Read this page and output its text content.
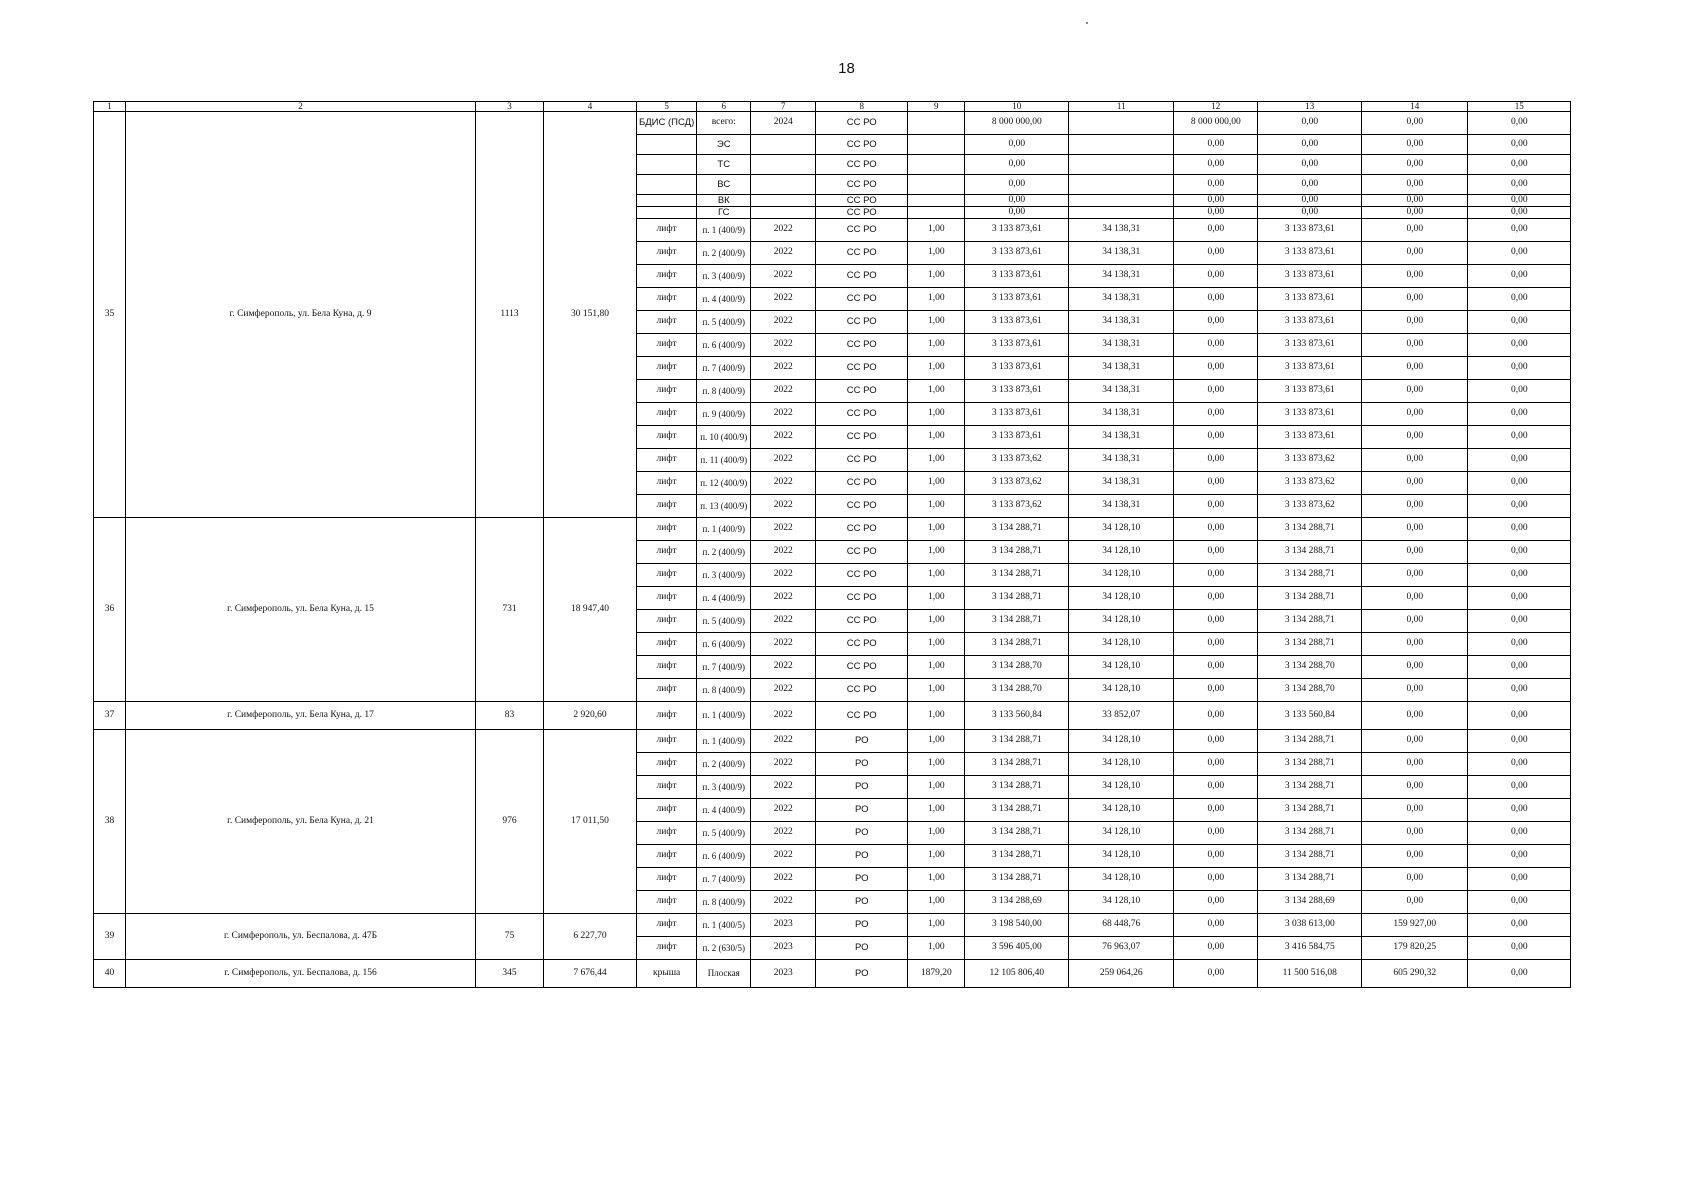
18
1	2	3	4	5	6	7	8	9	10	11	12	13	14	15
35	г. Симферополь, ул. Бела Куна, д. 9	1113	30 151,80	БДИС (ПСД)	всего:	2024	СС РО		8 000 000,00		8 000 000,00	0,00	0,00	0,00
					ЭС		СС РО		0,00		0,00	0,00	0,00	0,00
					ТС		СС РО		0,00		0,00	0,00	0,00	0,00
					ВС		СС РО		0,00		0,00	0,00	0,00	0,00
					ВК		СС РО		0,00		0,00	0,00	0,00	0,00
					ГС		СС РО		0,00		0,00	0,00	0,00	0,00
				лифт	п. 1 (400/9)	2022	СС РО	1,00	3 133 873,61	34 138,31	0,00	3 133 873,61	0,00	0,00
				лифт	п. 2 (400/9)	2022	СС РО	1,00	3 133 873,61	34 138,31	0,00	3 133 873,61	0,00	0,00
				лифт	п. 3 (400/9)	2022	СС РО	1,00	3 133 873,61	34 138,31	0,00	3 133 873,61	0,00	0,00
				лифт	п. 4 (400/9)	2022	СС РО	1,00	3 133 873,61	34 138,31	0,00	3 133 873,61	0,00	0,00
				лифт	п. 5 (400/9)	2022	СС РО	1,00	3 133 873,61	34 138,31	0,00	3 133 873,61	0,00	0,00
				лифт	п. 6 (400/9)	2022	СС РО	1,00	3 133 873,61	34 138,31	0,00	3 133 873,61	0,00	0,00
				лифт	п. 7 (400/9)	2022	СС РО	1,00	3 133 873,61	34 138,31	0,00	3 133 873,61	0,00	0,00
				лифт	п. 8 (400/9)	2022	СС РО	1,00	3 133 873,61	34 138,31	0,00	3 133 873,61	0,00	0,00
				лифт	п. 9 (400/9)	2022	СС РО	1,00	3 133 873,61	34 138,31	0,00	3 133 873,61	0,00	0,00
				лифт	п. 10 (400/9)	2022	СС РО	1,00	3 133 873,61	34 138,31	0,00	3 133 873,61	0,00	0,00
				лифт	п. 11 (400/9)	2022	СС РО	1,00	3 133 873,62	34 138,31	0,00	3 133 873,62	0,00	0,00
				лифт	п. 12 (400/9)	2022	СС РО	1,00	3 133 873,62	34 138,31	0,00	3 133 873,62	0,00	0,00
				лифт	п. 13 (400/9)	2022	СС РО	1,00	3 133 873,62	34 138,31	0,00	3 133 873,62	0,00	0,00
36	г. Симферополь, ул. Бела Куна, д. 15	731	18 947,40	лифт	п. 1 (400/9)	2022	СС РО	1,00	3 134 288,71	34 128,10	0,00	3 134 288,71	0,00	0,00
				лифт	п. 2 (400/9)	2022	СС РО	1,00	3 134 288,71	34 128,10	0,00	3 134 288,71	0,00	0,00
				лифт	п. 3 (400/9)	2022	СС РО	1,00	3 134 288,71	34 128,10	0,00	3 134 288,71	0,00	0,00
				лифт	п. 4 (400/9)	2022	СС РО	1,00	3 134 288,71	34 128,10	0,00	3 134 288,71	0,00	0,00
				лифт	п. 5 (400/9)	2022	СС РО	1,00	3 134 288,71	34 128,10	0,00	3 134 288,71	0,00	0,00
				лифт	п. 6 (400/9)	2022	СС РО	1,00	3 134 288,71	34 128,10	0,00	3 134 288,71	0,00	0,00
				лифт	п. 7 (400/9)	2022	СС РО	1,00	3 134 288,70	34 128,10	0,00	3 134 288,70	0,00	0,00
				лифт	п. 8 (400/9)	2022	СС РО	1,00	3 134 288,70	34 128,10	0,00	3 134 288,70	0,00	0,00
37	г. Симферополь, ул. Бела Куна, д. 17	83	2 920,60	лифт	п. 1 (400/9)	2022	СС РО	1,00	3 133 560,84	33 852,07	0,00	3 133 560,84	0,00	0,00
38	г. Симферополь, ул. Бела Куна, д. 21	976	17 011,50	лифт	п. 1 (400/9)	2022	РО	1,00	3 134 288,71	34 128,10	0,00	3 134 288,71	0,00	0,00
				лифт	п. 2 (400/9)	2022	РО	1,00	3 134 288,71	34 128,10	0,00	3 134 288,71	0,00	0,00
				лифт	п. 3 (400/9)	2022	РО	1,00	3 134 288,71	34 128,10	0,00	3 134 288,71	0,00	0,00
				лифт	п. 4 (400/9)	2022	РО	1,00	3 134 288,71	34 128,10	0,00	3 134 288,71	0,00	0,00
				лифт	п. 5 (400/9)	2022	РО	1,00	3 134 288,71	34 128,10	0,00	3 134 288,71	0,00	0,00
				лифт	п. 6 (400/9)	2022	РО	1,00	3 134 288,71	34 128,10	0,00	3 134 288,71	0,00	0,00
				лифт	п. 7 (400/9)	2022	РО	1,00	3 134 288,71	34 128,10	0,00	3 134 288,71	0,00	0,00
				лифт	п. 8 (400/9)	2022	РО	1,00	3 134 288,69	34 128,10	0,00	3 134 288,69	0,00	0,00
39	г. Симферополь, ул. Беспалова, д. 47Б	75	6 227,70	лифт	п. 1 (400/5)	2023	РО	1,00	3 198 540,00	68 448,76	0,00	3 038 613,00	159 927,00	0,00
				лифт	п. 2 (630/5)	2023	РО	1,00	3 596 405,00	76 963,07	0,00	3 416 584,75	179 820,25	0,00
40	г. Симферополь, ул. Беспалова, д. 156	345	7 676,44	крыша	Плоская	2023	РО	1879,20	12 105 806,40	259 064,26	0,00	11 500 516,08	605 290,32	0,00
